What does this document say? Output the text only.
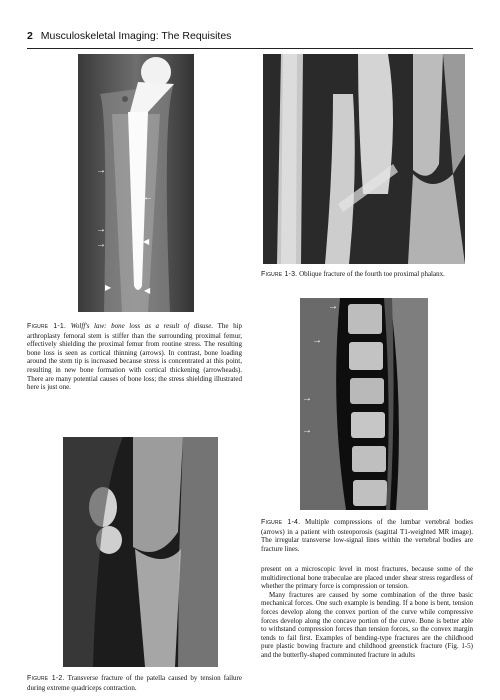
2 Musculoskeletal Imaging: The Requisites
→
→
→
←
◀
▶	◀
Figure 1-1. Wolff's law: bone loss as a result of disuse. The hip arthroplasty femoral stem is stiffer than the surrounding proximal femur, effectively shielding the proximal femur from routine stress. The resulting bone loss is seen as cortical thinning (arrows). In contrast, bone loading around the stem tip is increased because stress is concentrated at this point, resulting in new bone formation with cortical thickening (arrowheads). There are many potential causes of bone loss; the stress shielding illustrated here is just one.
Figure 1-2. Transverse fracture of the patella caused by tension failure during extreme quadriceps contraction.
Figure 1-3. Oblique fracture of the fourth toe proximal phalanx.
→
→
→
→
Figure 1-4. Multiple compressions of the lumbar vertebral bodies (arrows) in a patient with osteoporosis (sagittal T1-weighted MR image). The irregular transverse low-signal lines within the vertebral bodies are fracture lines.

present on a microscopic level in most fractures, because some of the multidirectional bone trabeculae are placed under shear stress regardless of whether the primary force is compression or tension.

Many fractures are caused by some combination of the three basic mechanical forces. One such example is bending. If a bone is bent, tension forces develop along the convex portion of the curve while compressive forces develop along the concave portion of the curve. Bone is better able to withstand compression forces than tension forces, so the convex margin tends to fail first. Examples of bending-type fractures are the childhood pure plastic bowing fracture and childhood greenstick fracture (Fig. 1-5) and the butterfly-shaped comminuted fracture in adults
